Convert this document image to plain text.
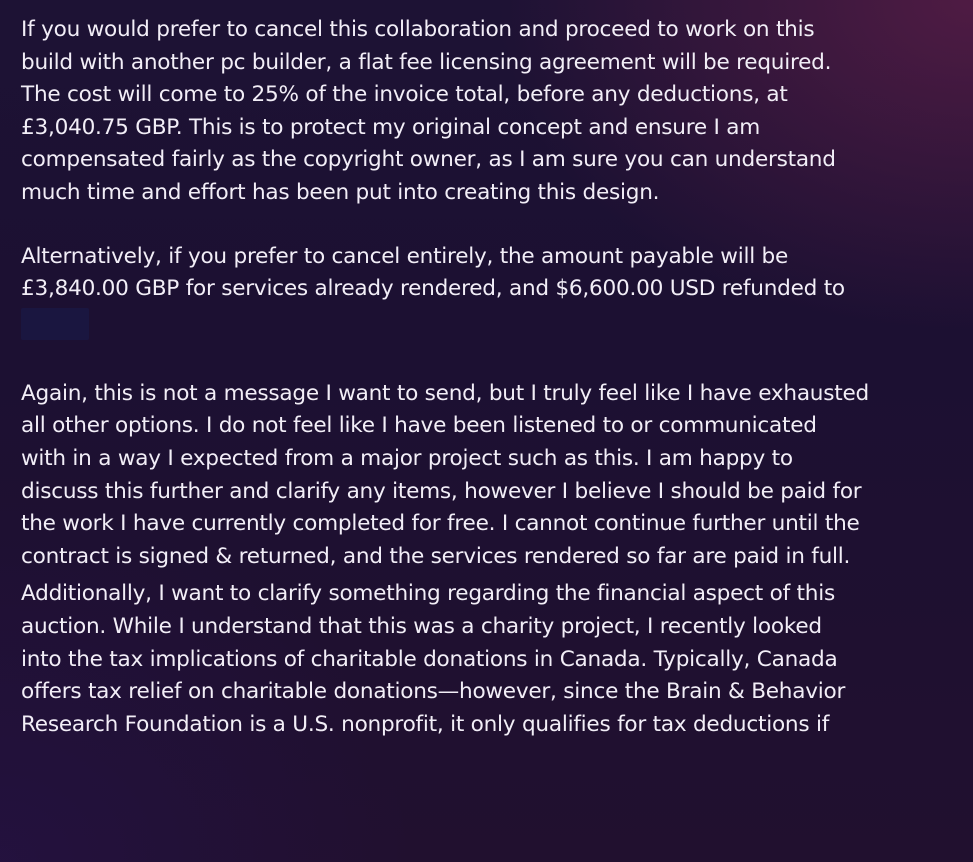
If you would prefer to cancel this collaboration and proceed to work on this
build with another pc builder, a flat fee licensing agreement will be required.
The cost will come to 25% of the invoice total, before any deductions, at
£3,040.75 GBP. This is to protect my original concept and ensure I am
compensated fairly as the copyright owner, as I am sure you can understand
much time and effort has been put into creating this design.

Alternatively, if you prefer to cancel entirely, the amount payable will be
£3,840.00 GBP for services already rendered, and $6,600.00 USD refunded to

Again, this is not a message I want to send, but I truly feel like I have exhausted
all other options. I do not feel like I have been listened to or communicated
with in a way I expected from a major project such as this. I am happy to
discuss this further and clarify any items, however I believe I should be paid for
the work I have currently completed for free. I cannot continue further until the
contract is signed & returned, and the services rendered so far are paid in full.

Additionally, I want to clarify something regarding the financial aspect of this
auction. While I understand that this was a charity project, I recently looked
into the tax implications of charitable donations in Canada. Typically, Canada
offers tax relief on charitable donations—however, since the Brain & Behavior
Research Foundation is a U.S. nonprofit, it only qualifies for tax deductions if
